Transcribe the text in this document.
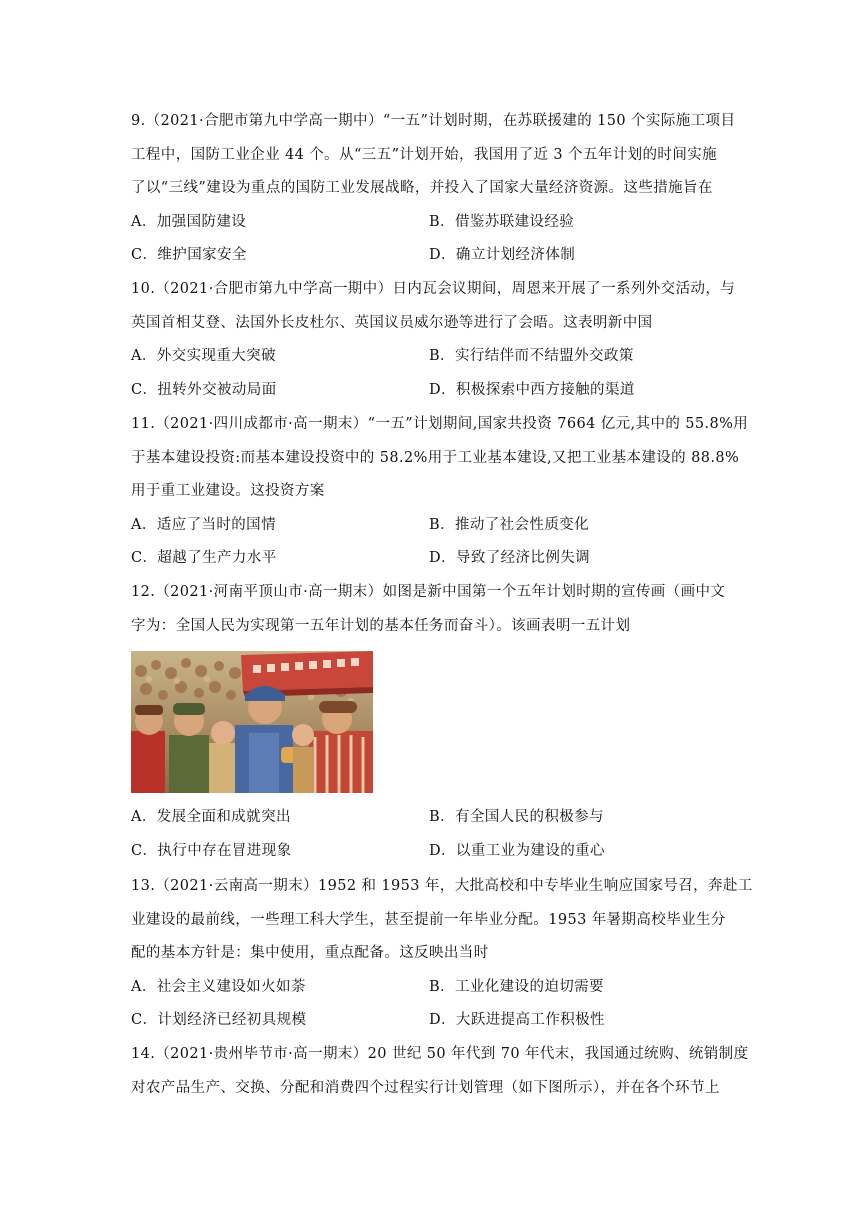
9.（2021·合肥市第九中学高一期中）“一五”计划时期，在苏联援建的 150 个实际施工项目
工程中，国防工业企业 44 个。从“三五”计划开始，我国用了近 3 个五年计划的时间实施
了以“三线”建设为重点的国防工业发展战略，并投入了国家大量经济资源。这些措施旨在
A．加强国防建设	B．借鉴苏联建设经验
C．维护国家安全	D．确立计划经济体制
10.（2021·合肥市第九中学高一期中）日内瓦会议期间，周恩来开展了一系列外交活动，与
英国首相艾登、法国外长皮杜尔、英国议员威尔逊等进行了会晤。这表明新中国
A．外交实现重大突破	B．实行结伴而不结盟外交政策
C．扭转外交被动局面	D．积极探索中西方接触的渠道
11.（2021·四川成都市·高一期末）“一五”计划期间,国家共投资 7664 亿元,其中的 55.8%用
于基本建设投资:而基本建设投资中的 58.2%用于工业基本建设,又把工业基本建设的 88.8%
用于重工业建设。这投资方案
A．适应了当时的国情	B．推动了社会性质变化
C．超越了生产力水平	D．导致了经济比例失调
12.（2021·河南平顶山市·高一期末）如图是新中国第一个五年计划时期的宣传画（画中文
字为：全国人民为实现第一五年计划的基本任务而奋斗）。该画表明一五计划
A．发展全面和成就突出	B．有全国人民的积极参与
C．执行中存在冒进现象	D．以重工业为建设的重心
13.（2021·云南高一期末）1952 和 1953 年，大批高校和中专毕业生响应国家号召，奔赴工
业建设的最前线，一些理工科大学生，甚至提前一年毕业分配。1953 年暑期高校毕业生分
配的基本方针是：集中使用，重点配备。这反映出当时
A．社会主义建设如火如荼	B．工业化建设的迫切需要
C．计划经济已经初具规模	D．大跃进提高工作积极性
14.（2021·贵州毕节市·高一期末）20 世纪 50 年代到 70 年代末，我国通过统购、统销制度
对农产品生产、交换、分配和消费四个过程实行计划管理（如下图所示），并在各个环节上
